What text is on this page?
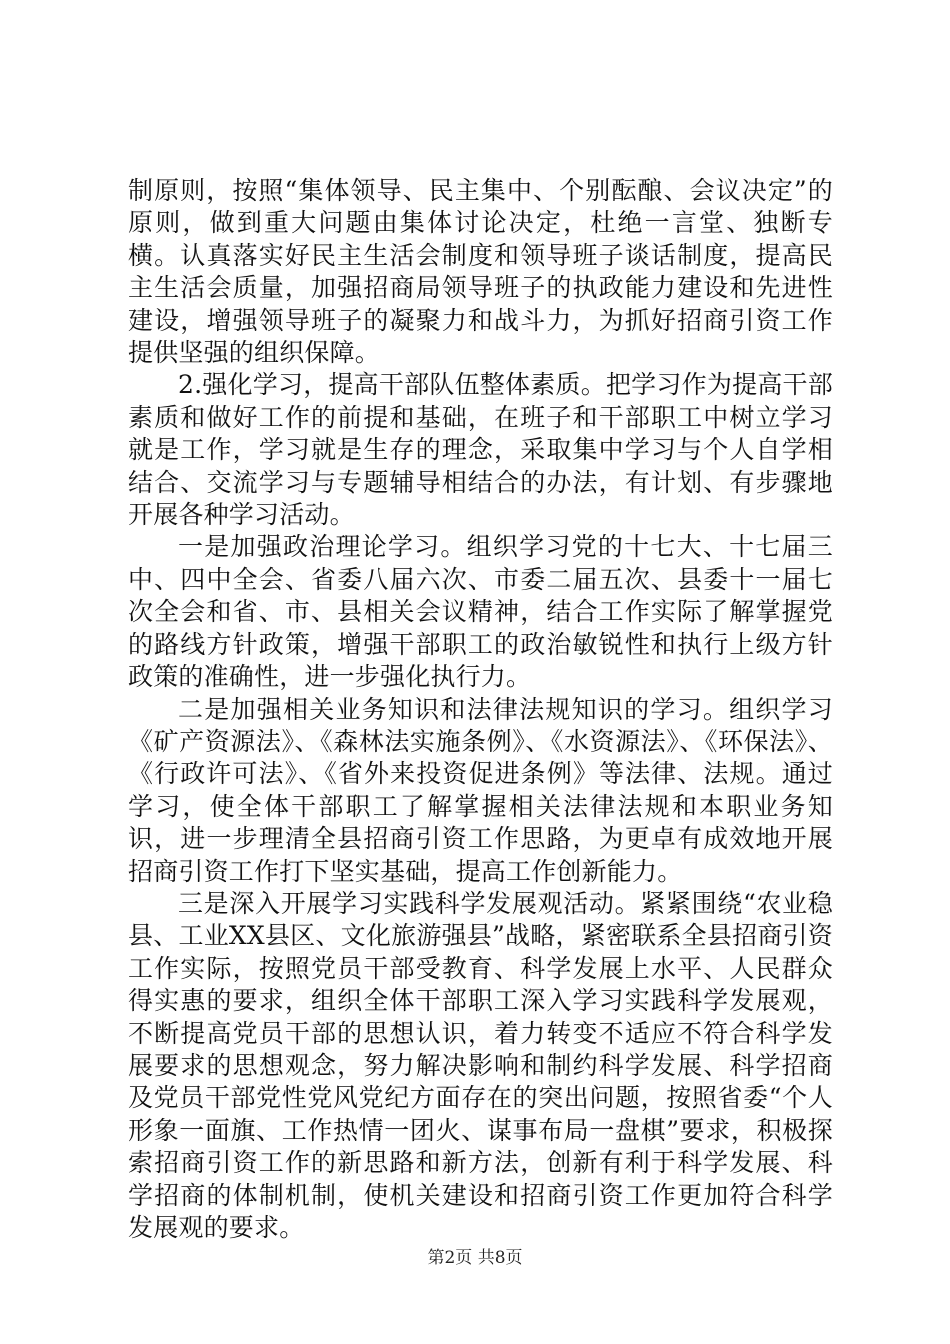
制原则，按照“集体领导、民主集中、个别酝酿、会议决定”的原则，做到重大问题由集体讨论决定，杜绝一言堂、独断专横。认真落实好民主生活会制度和领导班子谈话制度，提高民主生活会质量，加强招商局领导班子的执政能力建设和先进性建设，增强领导班子的凝聚力和战斗力，为抓好招商引资工作提供坚强的组织保障。

2.强化学习，提高干部队伍整体素质。把学习作为提高干部素质和做好工作的前提和基础，在班子和干部职工中树立学习就是工作，学习就是生存的理念，采取集中学习与个人自学相结合、交流学习与专题辅导相结合的办法，有计划、有步骤地开展各种学习活动。

一是加强政治理论学习。组织学习党的十七大、十七届三中、四中全会、省委八届六次、市委二届五次、县委十一届七次全会和省、市、县相关会议精神，结合工作实际了解掌握党的路线方针政策，增强干部职工的政治敏锐性和执行上级方针政策的准确性，进一步强化执行力。

二是加强相关业务知识和法律法规知识的学习。组织学习《矿产资源法》、《森林法实施条例》、《水资源法》、《环保法》、《行政许可法》、《省外来投资促进条例》等法律、法规。通过学习，使全体干部职工了解掌握相关法律法规和本职业务知识，进一步理清全县招商引资工作思路，为更卓有成效地开展招商引资工作打下坚实基础，提高工作创新能力。

三是深入开展学习实践科学发展观活动。紧紧围绕“农业稳县、工业XX县区、文化旅游强县”战略，紧密联系全县招商引资工作实际，按照党员干部受教育、科学发展上水平、人民群众得实惠的要求，组织全体干部职工深入学习实践科学发展观，不断提高党员干部的思想认识，着力转变不适应不符合科学发展要求的思想观念，努力解决影响和制约科学发展、科学招商及党员干部党性党风党纪方面存在的突出问题，按照省委“个人形象一面旗、工作热情一团火、谋事布局一盘棋”要求，积极探索招商引资工作的新思路和新方法，创新有利于科学发展、科学招商的体制机制，使机关建设和招商引资工作更加符合科学发展观的要求。

第2页 共8页
